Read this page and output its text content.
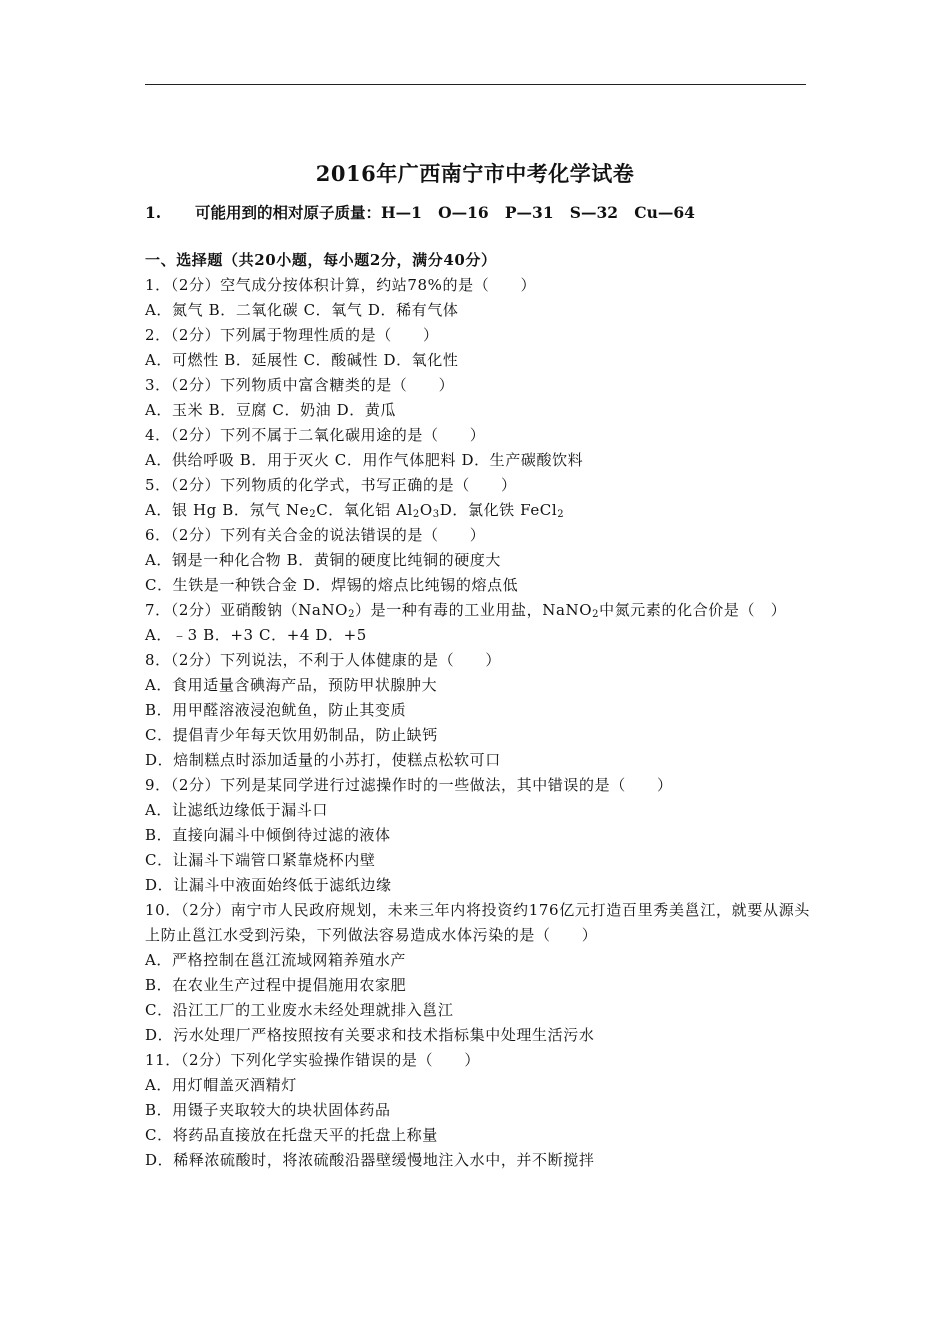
2016年广西南宁市中考化学试卷
1. 可能用到的相对原子质量：H—1   O—16   P—31   S—32   Cu—64
一、选择题（共20小题，每小题2分，满分40分）
1．（2分）空气成分按体积计算，约站78%的是（　　）
A．氮气 B．二氧化碳 C．氧气 D．稀有气体
2．（2分）下列属于物理性质的是（　　）
A．可燃性 B．延展性 C．酸碱性 D．氧化性
3．（2分）下列物质中富含糖类的是（　　）
A．玉米 B．豆腐 C．奶油 D．黄瓜
4．（2分）下列不属于二氧化碳用途的是（　　）
A．供给呼吸 B．用于灭火 C．用作气体肥料 D．生产碳酸饮料
5．（2分）下列物质的化学式，书写正确的是（　　）
A．银 Hg B．氖气 $Ne_2C$．氧化铝 $Al_2O_3D$．氯化铁 FeCl$_2$
6．（2分）下列有关合金的说法错误的是（　　）
A．钢是一种化合物 B．黄铜的硬度比纯铜的硬度大
C．生铁是一种铁合金 D．焊锡的熔点比纯锡的熔点低
7．（2分）亚硝酸钠（NaNO$_2$）是一种有毒的工业用盐，NaNO$_2$中氮元素的化合价是（　）
A．﹣3 B．+3 C．+4 D．+5
8．（2分）下列说法，不利于人体健康的是（　　）
A．食用适量含碘海产品，预防甲状腺肿大
B．用甲醛溶液浸泡鱿鱼，防止其变质
C．提倡青少年每天饮用奶制品，防止缺钙
D．焙制糕点时添加适量的小苏打，使糕点松软可口
9．（2分）下列是某同学进行过滤操作时的一些做法，其中错误的是（　　）
A．让滤纸边缘低于漏斗口
B．直接向漏斗中倾倒待过滤的液体
C．让漏斗下端管口紧靠烧杯内壁
D．让漏斗中液面始终低于滤纸边缘
10．（2分）南宁市人民政府规划，未来三年内将投资约176亿元打造百里秀美邕江，就要从源头上防止邕江水受到污染，下列做法容易造成水体污染的是（　　）
A．严格控制在邕江流域网箱养殖水产
B．在农业生产过程中提倡施用农家肥
C．沿江工厂的工业废水未经处理就排入邕江
D．污水处理厂严格按照按有关要求和技术指标集中处理生活污水
11．（2分）下列化学实验操作错误的是（　　）
A．用灯帽盖灭酒精灯
B．用镊子夹取较大的块状固体药品
C．将药品直接放在托盘天平的托盘上称量
D．稀释浓硫酸时，将浓硫酸沿器壁缓慢地注入水中，并不断搅拌
